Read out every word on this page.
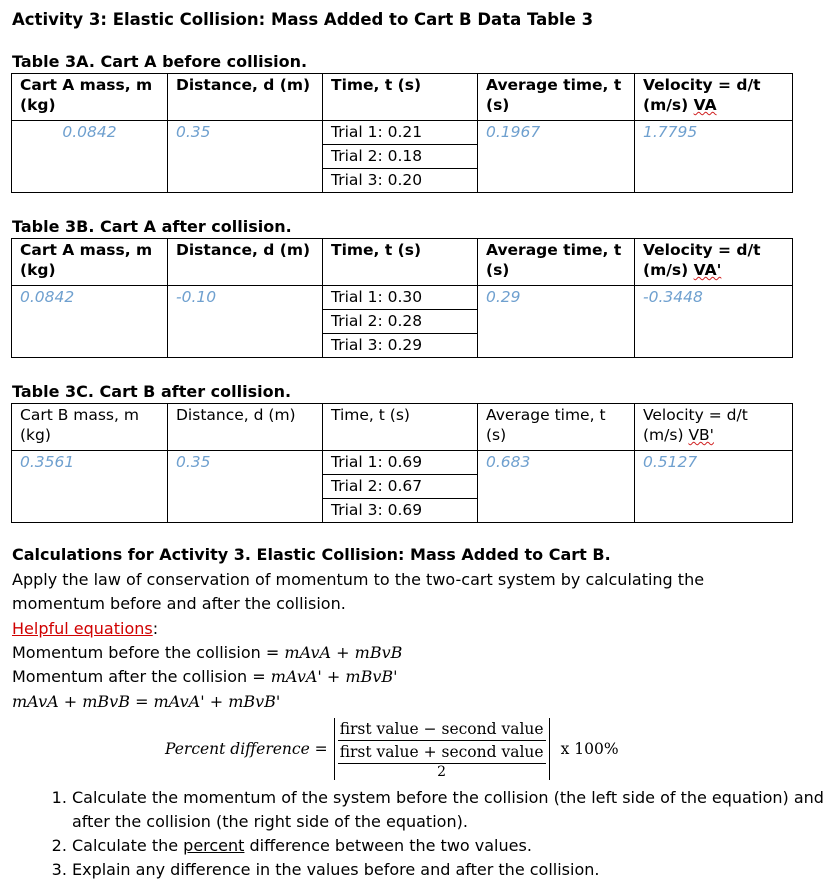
Activity 3: Elastic Collision: Mass Added to Cart B Data Table 3
Table 3A. Cart A before collision.
Cart A mass, m (kg)	Distance, d (m)	Time, t (s)	Average time, t (s)	Velocity = d/t (m/s) VA
0.0842	0.35	Trial 1: 0.21	0.1967	1.7795
		Trial 2: 0.18		
		Trial 3: 0.20		
Table 3B. Cart A after collision.
Cart A mass, m (kg)	Distance, d (m)	Time, t (s)	Average time, t (s)	Velocity = d/t (m/s) VA'
0.0842	-0.10	Trial 1: 0.30	0.29	-0.3448
		Trial 2: 0.28		
		Trial 3: 0.29		
Table 3C. Cart B after collision.
Cart B mass, m (kg)	Distance, d (m)	Time, t (s)	Average time, t (s)	Velocity = d/t (m/s) VB'
0.3561	0.35	Trial 1: 0.69	0.683	0.5127
		Trial 2: 0.67		
		Trial 3: 0.69		
Calculations for Activity 3. Elastic Collision: Mass Added to Cart B.
Apply the law of conservation of momentum to the two-cart system by calculating the
momentum before and after the collision.
Helpful equations:
Momentum before the collision = mAvA + mBvB
Momentum after the collision = mAvA' + mBvB'
mAvA + mBvB = mAvA' + mBvB'
Percent difference = first value − second value
first value + second value
2 x 100%
1. Calculate the momentum of the system before the collision (the left side of the equation) and after the collision (the right side of the equation).
2. Calculate the percent difference between the two values.
3. Explain any difference in the values before and after the collision.
